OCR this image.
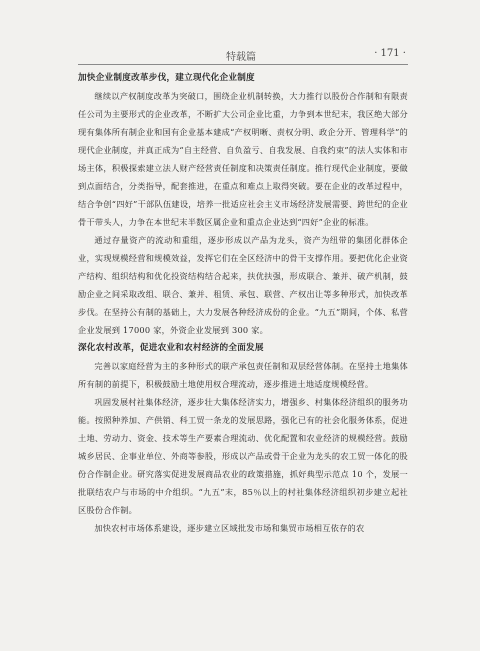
特载篇	· 171 ·
加快企业制度改革步伐，建立现代化企业制度

继续以产权制度改革为突破口，围绕企业机制转换，大力推行以股份合作制和有限责任公司为主要形式的企业改革，不断扩大公司企业比重，力争到本世纪末，我区绝大部分现有集体所有制企业和国有企业基本建成“产权明晰、责权分明、政企分开、管理科学”的现代企业制度，并真正成为“自主经营、自负盈亏、自我发展、自我约束”的法人实体和市场主体，积极探索建立法人财产经营责任制度和决策责任制度。推行现代企业制度，要做到点面结合，分类指导，配套推进，在重点和难点上取得突破。要在企业的改革过程中，结合争创“四好”干部队伍建设，培养一批适应社会主义市场经济发展需要、跨世纪的企业骨干带头人，力争在本世纪末半数区属企业和重点企业达到“四好”企业的标准。

通过存量资产的流动和重组，逐步形成以产品为龙头，资产为纽带的集团化群体企业，实现规模经营和规模效益，发挥它们在全区经济中的骨干支撑作用。要把优化企业资产结构、组织结构和优化投资结构结合起来，扶优扶强，形成联合、兼并、破产机制，鼓励企业之间采取改组、联合、兼并、租赁、承包、联营、产权出让等多种形式，加快改革步伐。在坚持公有制的基础上，大力发展各种经济成份的企业。“九五”期间，个体、私营企业发展到 17000 家，外资企业发展到 300 家。

深化农村改革，促进农业和农村经济的全面发展

完善以家庭经营为主的多种形式的联产承包责任制和双层经营体制。在坚持土地集体所有制的前提下，积极鼓励土地使用权合理流动，逐步推进土地适度规模经营。

巩固发展村社集体经济，逐步壮大集体经济实力，增强乡、村集体经济组织的服务功能。按照种养加、产供销、科工贸一条龙的发展思路，强化已有的社会化服务体系，促进土地、劳动力、资金、技术等生产要素合理流动、优化配置和农业经济的规模经营。鼓励城乡居民、企事业单位、外商等参股，形成以产品或骨干企业为龙头的农工贸一体化的股份合作制企业。研究落实促进发展商品农业的政策措施，抓好典型示范点 10 个，发展一批联结农户与市场的中介组织。“九五”末，85％以上的村社集体经济组织初步建立起社区股份合作制。

加快农村市场体系建设，逐步建立区域批发市场和集贸市场相互依存的农
